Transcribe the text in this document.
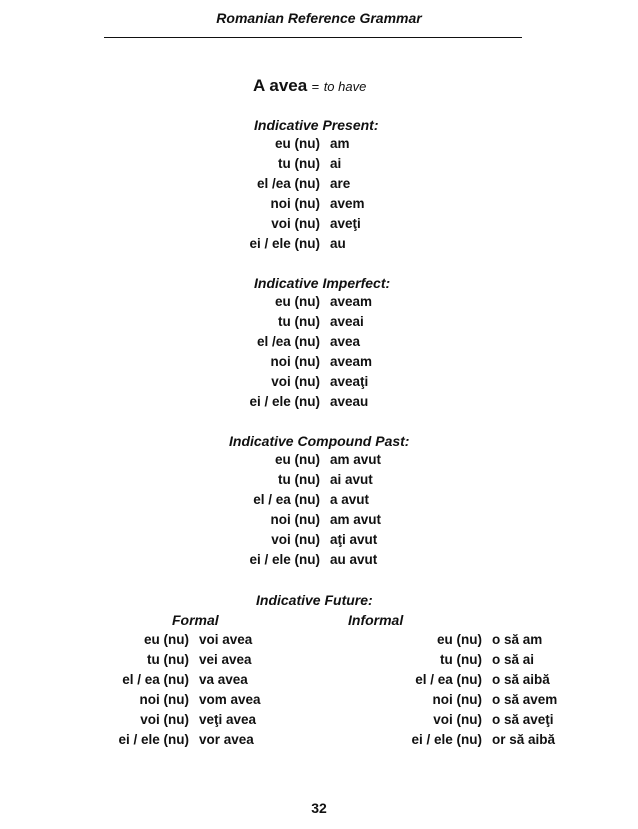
Romanian Reference Grammar
A avea = to have
Indicative Present:
eu (nu) am
tu (nu) ai
el /ea (nu) are
noi (nu) avem
voi (nu) aveţi
ei / ele (nu) au
Indicative Imperfect:
eu (nu) aveam
tu (nu) aveai
el /ea (nu) avea
noi (nu) aveam
voi (nu) aveaţi
ei / ele (nu) aveau
Indicative Compound Past:
eu (nu) am avut
tu (nu) ai avut
el / ea (nu) a avut
noi (nu) am avut
voi (nu) aţi avut
ei / ele (nu) au avut
Indicative Future:
Formal	Informal
eu (nu) voi avea
tu (nu) vei avea
el / ea (nu) va avea
noi (nu) vom avea
voi (nu) veţi avea
ei / ele (nu) vor avea
eu (nu) o să am
tu (nu) o să ai
el / ea (nu) o să aibă
noi (nu) o să avem
voi (nu) o să aveţi
ei / ele (nu) or să aibă
32
